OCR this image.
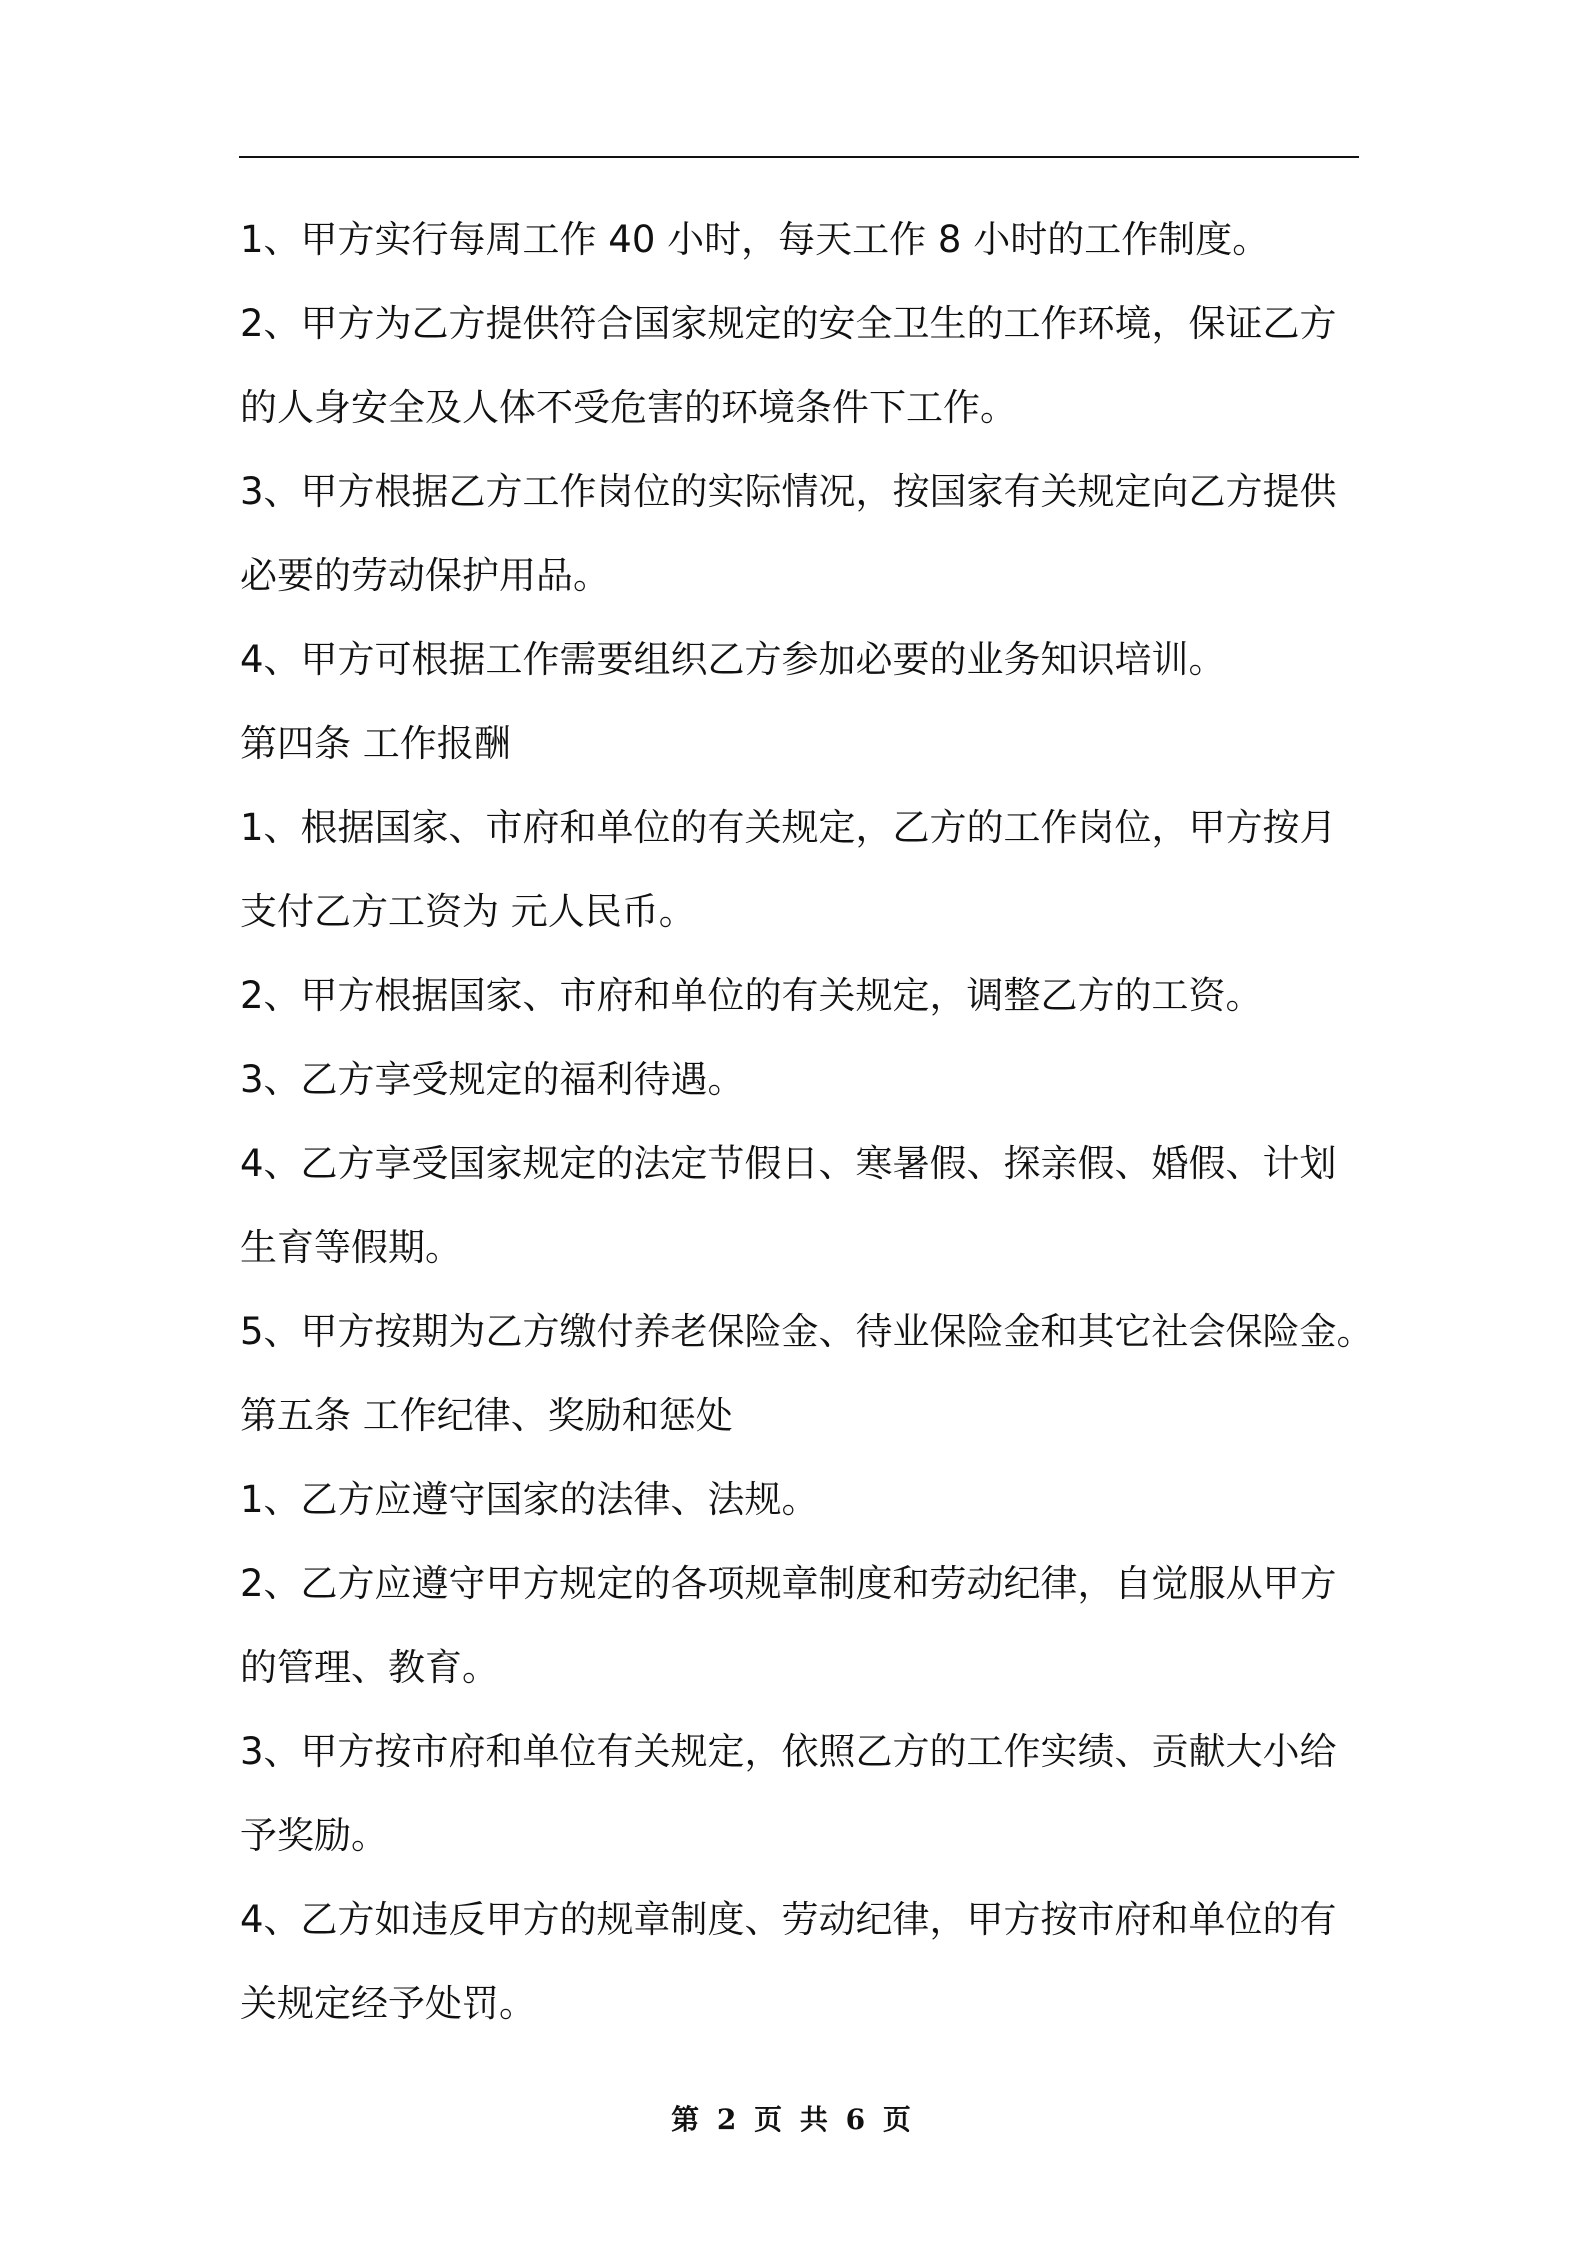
1、甲方实行每周工作 40 小时，每天工作 8 小时的工作制度。
2、甲方为乙方提供符合国家规定的安全卫生的工作环境，保证乙方
的人身安全及人体不受危害的环境条件下工作。
3、甲方根据乙方工作岗位的实际情况，按国家有关规定向乙方提供
必要的劳动保护用品。
4、甲方可根据工作需要组织乙方参加必要的业务知识培训。
第四条 工作报酬
1、根据国家、市府和单位的有关规定，乙方的工作岗位，甲方按月
支付乙方工资为 元人民币。
2、甲方根据国家、市府和单位的有关规定，调整乙方的工资。
3、乙方享受规定的福利待遇。
4、乙方享受国家规定的法定节假日、寒暑假、探亲假、婚假、计划
生育等假期。
5、甲方按期为乙方缴付养老保险金、待业保险金和其它社会保险金。
第五条 工作纪律、奖励和惩处
1、乙方应遵守国家的法律、法规。
2、乙方应遵守甲方规定的各项规章制度和劳动纪律，自觉服从甲方
的管理、教育。
3、甲方按市府和单位有关规定，依照乙方的工作实绩、贡献大小给
予奖励。
4、乙方如违反甲方的规章制度、劳动纪律，甲方按市府和单位的有
关规定经予处罚。
第 2 页 共 6 页
